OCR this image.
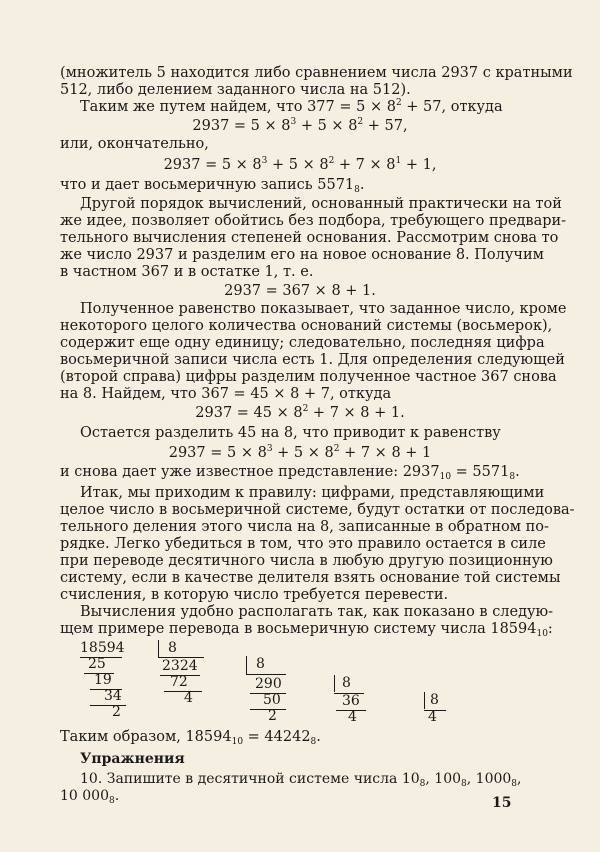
(множитель 5 находится либо сравнением числа 2937 с кратными
512, либо делением заданного числа на 512).
Таким же путем найдем, что $377 = 5 \times 8^2 + 57$, откуда
$2937 = 5 \times 8^3 + 5 \times 8^2 + 57$,
или, окончательно,
$2937 = 5 \times 8^3 + 5 \times 8^2 + 7 \times 8^1 + 1$,
что и дает восьмеричную запись $5571_8$.
Другой порядок вычислений, основанный практически на той
же идее, позволяет обойтись без подбора, требующего предвари-
тельного вычисления степеней основания. Рассмотрим снова то
же число 2937 и разделим его на новое основание 8. Получим
в частном 367 и в остатке 1, т. е.
2937 = 367 × 8 + 1.
Полученное равенство показывает, что заданное число, кроме
некоторого целого количества оснований системы (восьмерок),
содержит еще одну единицу; следовательно, последняя цифра
восьмеричной записи числа есть 1. Для определения следующей
(второй справа) цифры разделим полученное частное 367 снова
на 8. Найдем, что 367 = 45 × 8 + 7, откуда
$2937 = 45 \times 8^2 + 7 \times 8 + 1$.
Остается разделить 45 на 8, что приводит к равенству
$2937 = 5 \times 8^3 + 5 \times 8^2 + 7 \times 8 + 1$
и снова дает уже известное представление: $2937_{10} = 5571_8$.
Итак, мы приходим к правилу: цифрами, представляющими
целое число в восьмеричной системе, будут остатки от последова-
тельного деления этого числа на 8, записанные в обратном по-
рядке. Легко убедиться в том, что это правило остается в силе
при переводе десятичного числа в любую другую позиционную
систему, если в качестве делителя взять основание той системы
счисления, в которую число требуется перевести.
Вычисления удобно располагать так, как показано в следую-
щем примере перевода в восьмеричную систему числа $18594_{10}$:
18594
25
19
34
2
8
2324
72
4
8
290
50
2
8
36
4
8
4
Таким образом, $18594_{10} = 44242_8$.
Упражнения
10. Запишите в десятичной системе числа $10_8$, $100_8$, $1000_8$,
10 $000_8$.	15
